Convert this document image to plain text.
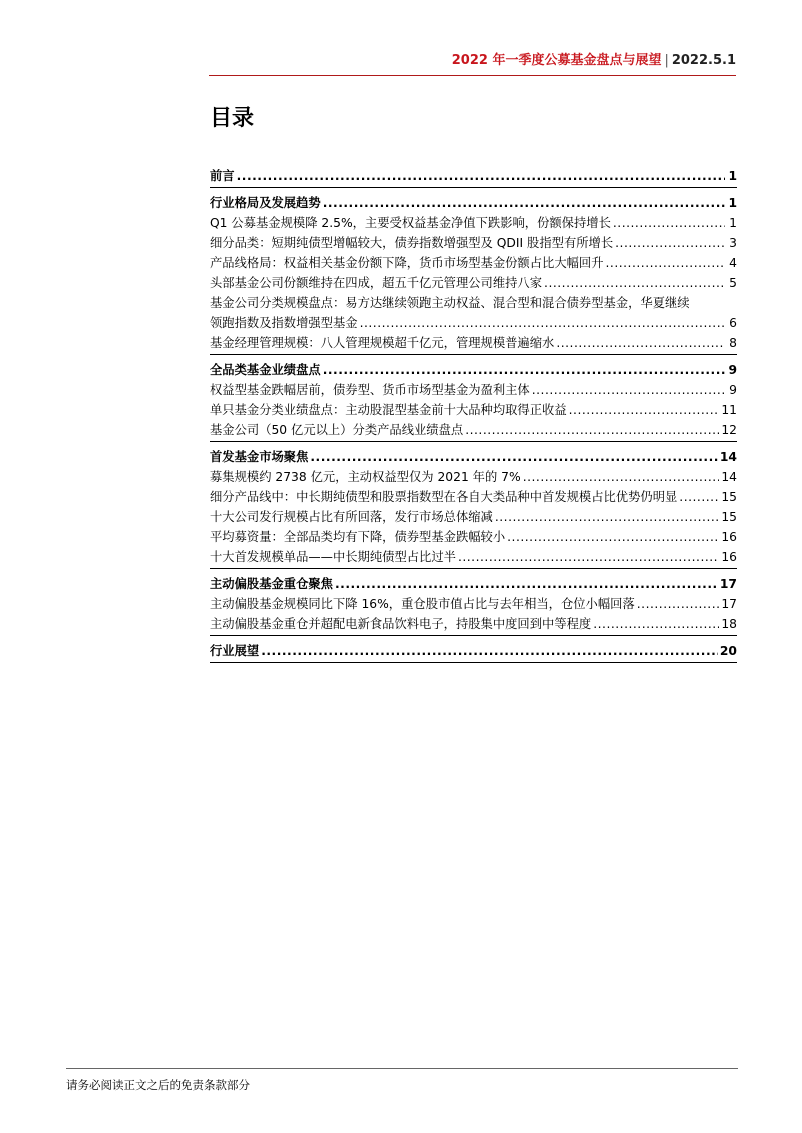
2022 年一季度公募基金盘点与展望 | 2022.5.1
目录
前言 .....	1
行业格局及发展趋势 .....	1
Q1 公募基金规模降 2.5%，主要受权益基金净值下跌影响，份额保持增长 .....	1
细分品类：短期纯债型增幅较大，债券指数增强型及 QDII 股指型有所增长 .....	3
产品线格局：权益相关基金份额下降，货币市场型基金份额占比大幅回升 .....	4
头部基金公司份额维持在四成，超五千亿元管理公司维持八家 .....	5
基金公司分类规模盘点：易方达继续领跑主动权益、混合型和混合债券型基金，华夏继续
领跑指数及指数增强型基金 .....	6
基金经理管理规模：八人管理规模超千亿元，管理规模普遍缩水 .....	8
全品类基金业绩盘点 .....	9
权益型基金跌幅居前，债券型、货币市场型基金为盈利主体 .....	9
单只基金分类业绩盘点：主动股混型基金前十大品种均取得正收益 .....	11
基金公司（50 亿元以上）分类产品线业绩盘点 .....	12
首发基金市场聚焦 .....	14
募集规模约 2738 亿元，主动权益型仅为 2021 年的 7% .....	14
细分产品线中：中长期纯债型和股票指数型在各自大类品种中首发规模占比优势仍明显 .....	15
十大公司发行规模占比有所回落，发行市场总体缩减 .....	15
平均募资量：全部品类均有下降，债券型基金跌幅较小 .....	16
十大首发规模单品——中长期纯债型占比过半 .....	16
主动偏股基金重仓聚焦 .....	17
主动偏股基金规模同比下降 16%，重仓股市值占比与去年相当，仓位小幅回落 .....	17
主动偏股基金重仓并超配电新食品饮料电子，持股集中度回到中等程度 .....	18
行业展望 .....	20
请务必阅读正文之后的免责条款部分
